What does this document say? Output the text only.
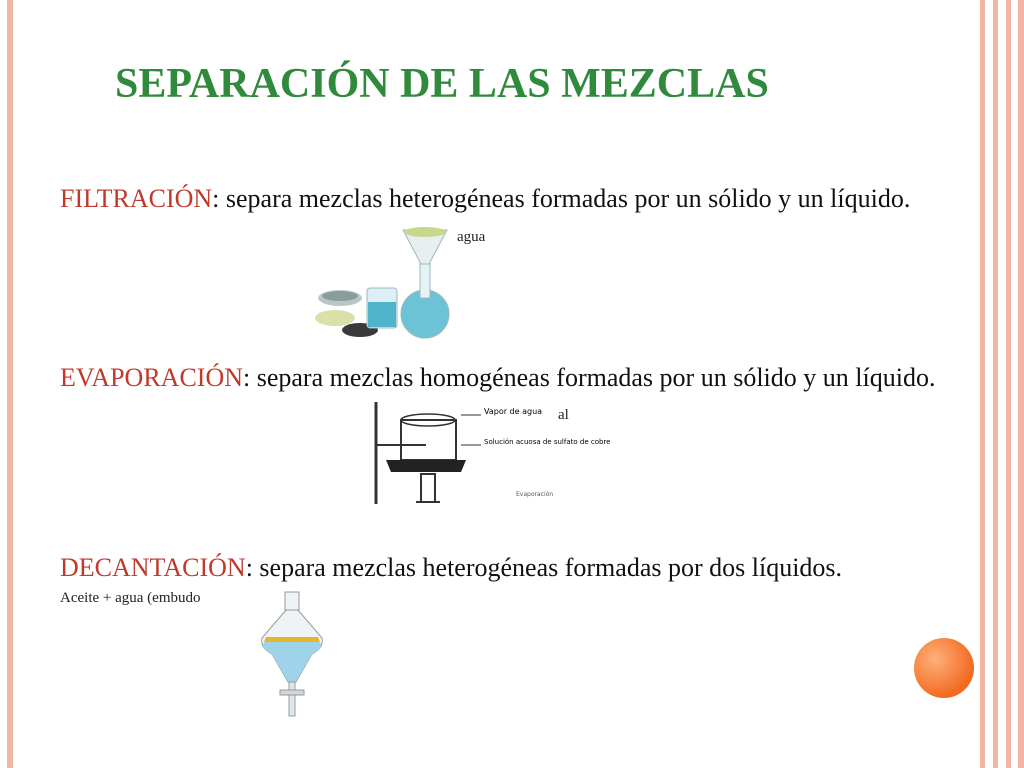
SEPARACIÓN DE LAS MEZCLAS
FILTRACIÓN: separa mezclas heterogéneas formadas por un sólido y un líquido.
agua
EVAPORACIÓN: separa mezclas homogéneas formadas por un sólido y un líquido.
al
Vapor de agua
Solución acuosa de sulfato de cobre
Evaporación
DECANTACIÓN: separa mezclas heterogéneas formadas por dos líquidos.
Aceite + agua (embudo
